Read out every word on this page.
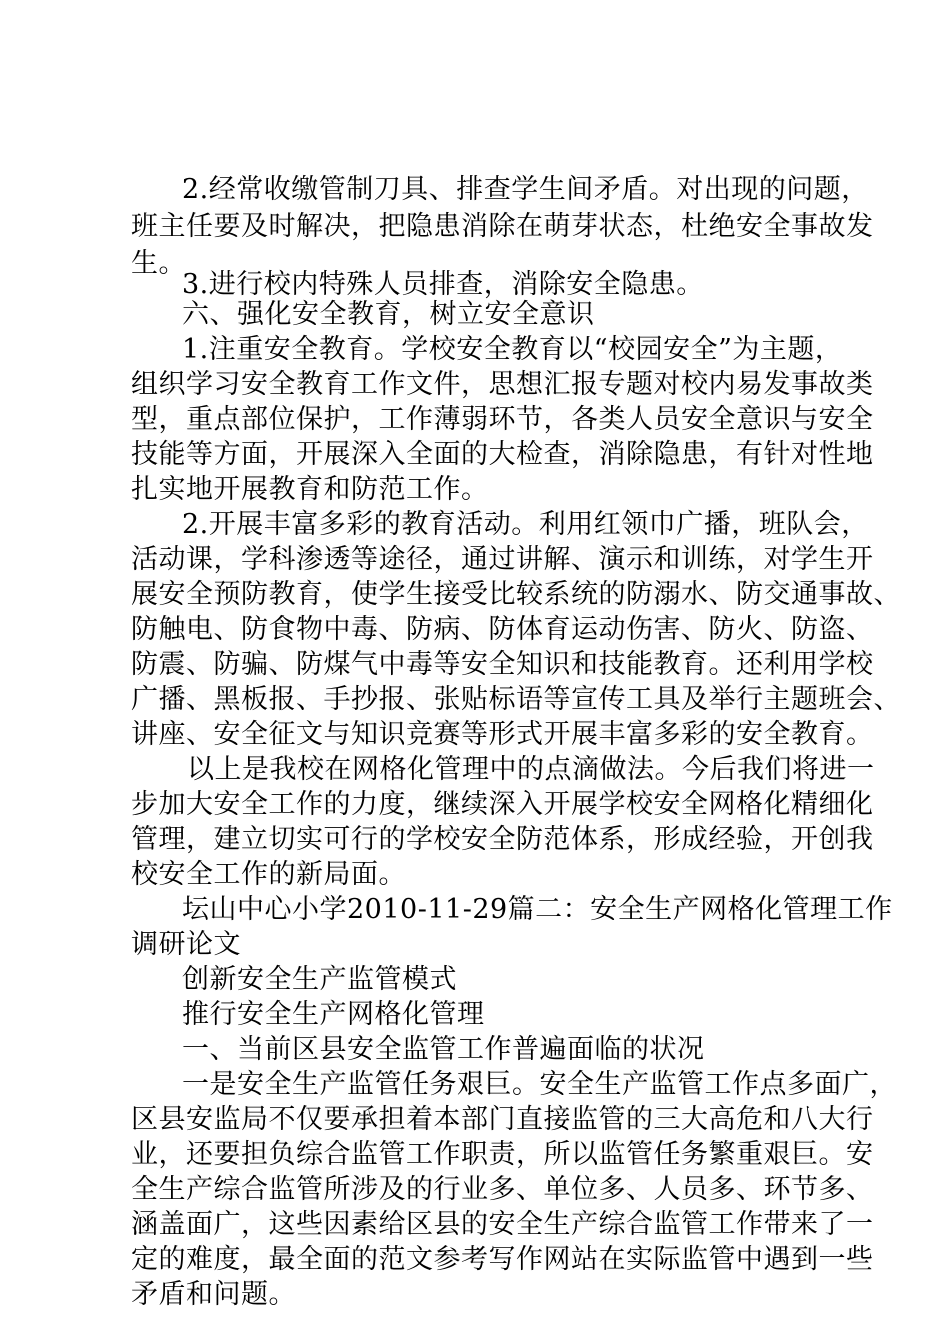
2.经常收缴管制刀具、排查学生间矛盾。对出现的问题，
班主任要及时解决，把隐患消除在萌芽状态，杜绝安全事故发
生。
3.进行校内特殊人员排查，消除安全隐患。
六、强化安全教育，树立安全意识
1.注重安全教育。学校安全教育以“校园安全”为主题，
组织学习安全教育工作文件，思想汇报专题对校内易发事故类
型，重点部位保护，工作薄弱环节，各类人员安全意识与安全
技能等方面，开展深入全面的大检查，消除隐患，有针对性地
扎实地开展教育和防范工作。
2.开展丰富多彩的教育活动。利用红领巾广播，班队会，
活动课，学科渗透等途径，通过讲解、演示和训练，对学生开
展安全预防教育，使学生接受比较系统的防溺水、防交通事故、
防触电、防食物中毒、防病、防体育运动伤害、防火、防盗、
防震、防骗、防煤气中毒等安全知识和技能教育。还利用学校
广播、黑板报、手抄报、张贴标语等宣传工具及举行主题班会、
讲座、安全征文与知识竞赛等形式开展丰富多彩的安全教育。
以上是我校在网格化管理中的点滴做法。今后我们将进一
步加大安全工作的力度，继续深入开展学校安全网格化精细化
管理，建立切实可行的学校安全防范体系，形成经验，开创我
校安全工作的新局面。
坛山中心小学2010-11-29篇二：安全生产网格化管理工作
调研论文
创新安全生产监管模式
推行安全生产网格化管理
一、当前区县安全监管工作普遍面临的状况
一是安全生产监管任务艰巨。安全生产监管工作点多面广，
区县安监局不仅要承担着本部门直接监管的三大高危和八大行
业，还要担负综合监管工作职责，所以监管任务繁重艰巨。安
全生产综合监管所涉及的行业多、单位多、人员多、环节多、
涵盖面广，这些因素给区县的安全生产综合监管工作带来了一
定的难度，最全面的范文参考写作网站在实际监管中遇到一些
矛盾和问题。
